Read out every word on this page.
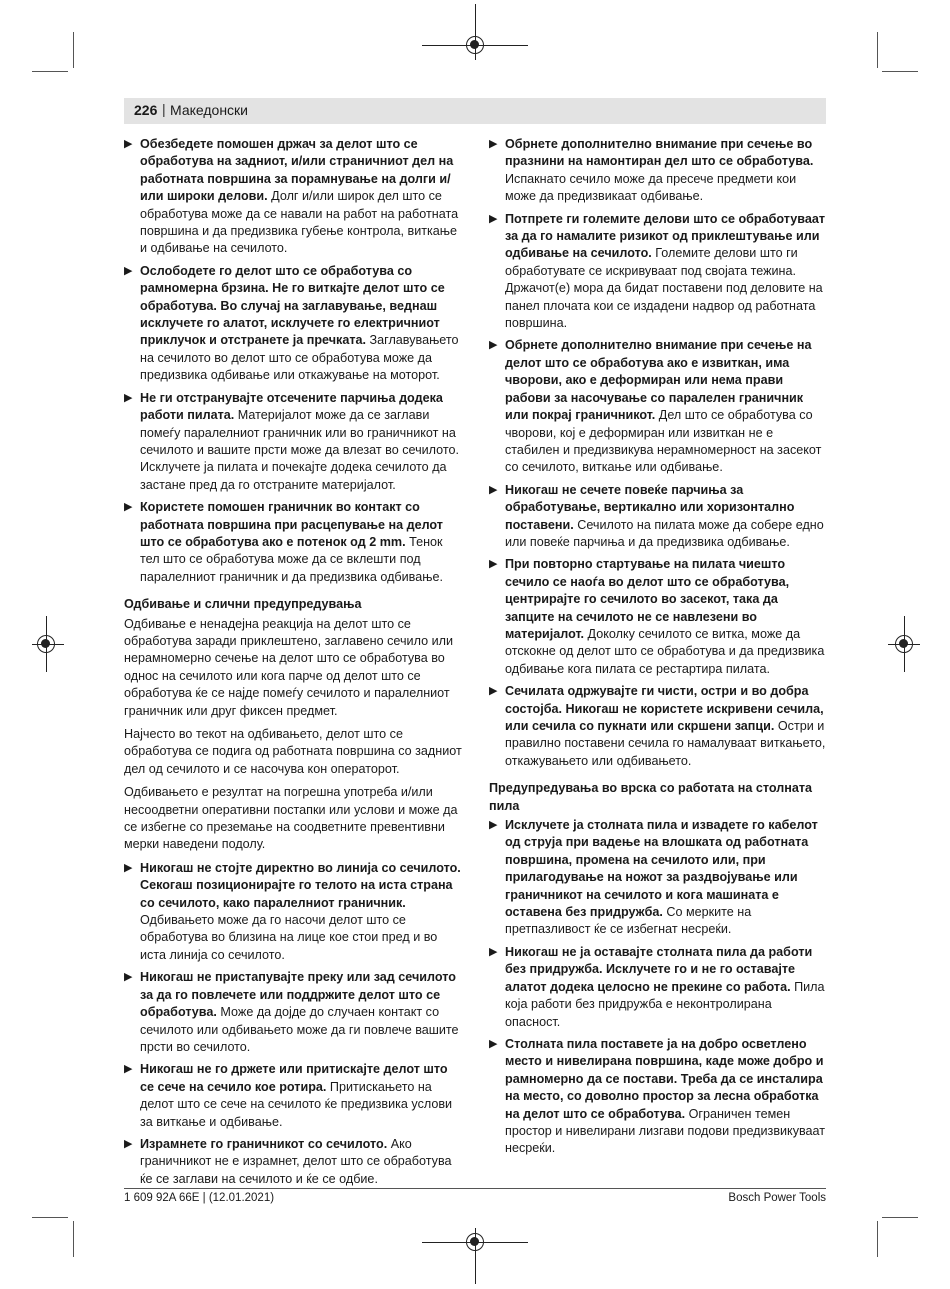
226 | Македонски
▶ Обезбедете помошен држач за делот што се обработува на задниот, и/или страничниот дел на работната површина за порамнување на долги и/или широки делови. Долг и/или широк дел што се обработува може да се навали на работ на работната површина и да предизвика губење контрола, виткање и одбивање на сечилото.
▶ Ослободете го делот што се обработува со рамномерна брзина. Не го виткајте делот што се обработува. Во случај на заглавување, веднаш исклучете го алатот, исклучете го електричниот приклучок и отстранете ја пречката. Заглавувањето на сечилото во делот што се обработува може да предизвика одбивање или откажување на моторот.
▶ Не ги отстранувајте отсечените парчиња додека работи пилата. Материјалот може да се заглави помеѓу паралелниот граничник или во граничникот на сечилото и вашите прсти може да влезат во сечилото. Исклучете ја пилата и почекајте додека сечилото да застане пред да го отстраните материјалот.
▶ Користете помошен граничник во контакт со работната површина при расцепување на делот што се обработува ако е потенок од 2 mm. Тенок тел што се обработува може да се вклешти под паралелниот граничник и да предизвика одбивање.
Одбивање и слични предупредувања
Одбивање е ненадејна реакција на делот што се обработува заради приклештено, заглавено сечило или нерамномерно сечење на делот што се обработува во однос на сечилото или кога парче од делот што се обработува ќе се најде помеѓу сечилото и паралелниот граничник или друг фиксен предмет.
Најчесто во текот на одбивањето, делот што се обработува се подига од работната површина со задниот дел од сечилото и се насочува кон операторот.
Одбивањето е резултат на погрешна употреба и/или несоодветни оперативни постапки или услови и може да се избегне со преземање на соодветните превентивни мерки наведени подолу.
▶ Никогаш не стојте директно во линија со сечилото. Секогаш позиционирајте го телото на иста страна со сечилото, како паралелниот граничник. Одбивањето може да го насочи делот што се обработува во близина на лице кое стои пред и во иста линија со сечилото.
▶ Никогаш не пристапувајте преку или зад сечилото за да го повлечете или поддржите делот што се обработува. Може да дојде до случаен контакт со сечилото или одбивањето може да ги повлече вашите прсти во сечилото.
▶ Никогаш не го држете или притискајте делот што се сече на сечило кое ротира. Притискањето на делот што се сече на сечилото ќе предизвика услови за виткање и одбивање.
▶ Израмнете го граничникот со сечилото. Ако граничникот не е израмнет, делот што се обработува ќе се заглави на сечилото и ќе се одбие.
▶ Обрнете дополнително внимание при сечење во празнини на намонтиран дел што се обработува. Испакнато сечило може да пресече предмети кои може да предизвикаат одбивање.
▶ Потпрете ги големите делови што се обработуваат за да го намалите ризикот од приклештување или одбивање на сечилото. Големите делови што ги обработувате се искривуваат под својата тежина. Држачот(е) мора да бидат поставени под деловите на панел плочата кои се издадени надвор од работната површина.
▶ Обрнете дополнително внимание при сечење на делот што се обработува ако е извиткан, има чворови, ако е деформиран или нема прави рабови за насочување со паралелен граничник или покрај граничникот. Дел што се обработува со чворови, кој е деформиран или извиткан не е стабилен и предизвикува нерамномерност на засекот со сечилото, виткање или одбивање.
▶ Никогаш не сечете повеќе парчиња за обработување, вертикално или хоризонтално поставени. Сечилото на пилата може да собере едно или повеќе парчиња и да предизвика одбивање.
▶ При повторно стартување на пилата чиешто сечило се наоѓа во делот што се обработува, центрирајте го сечилото во засекот, така да запците на сечилото не се навлезени во материјалот. Доколку сечилото се витка, може да отскокне од делот што се обработува и да предизвика одбивање кога пилата се рестартира пилата.
▶ Сечилата одржувајте ги чисти, остри и во добра состојба. Никогаш не користете искривени сечила, или сечила со пукнати или скршени запци. Остри и правилно поставени сечила го намалуваат виткањето, откажувањето или одбивањето.
Предупредувања во врска со работата на столната пила
▶ Исклучете ја столната пила и извадете го кабелот од струја при вадење на влошката од работната површина, промена на сечилото или, при прилагодување на ножот за раздвојување или граничникот на сечилото и кога машината е оставена без придружба. Со мерките на претпазливост ќе се избегнат несреќи.
▶ Никогаш не ја оставајте столната пила да работи без придружба. Исклучете го и не го оставајте алатот додека целосно не прекине со работа. Пила која работи без придружба е неконтролирана опасност.
▶ Столната пила поставете ја на добро осветлено место и нивелирана површина, каде може добро и рамномерно да се постави. Треба да се инсталира на место, со доволно простор за лесна обработка на делот што се обработува. Ограничен темен простор и нивелирани лизгави подови предизвикуваат несреќи.
1 609 92A 66E | (12.01.2021)	Bosch Power Tools
